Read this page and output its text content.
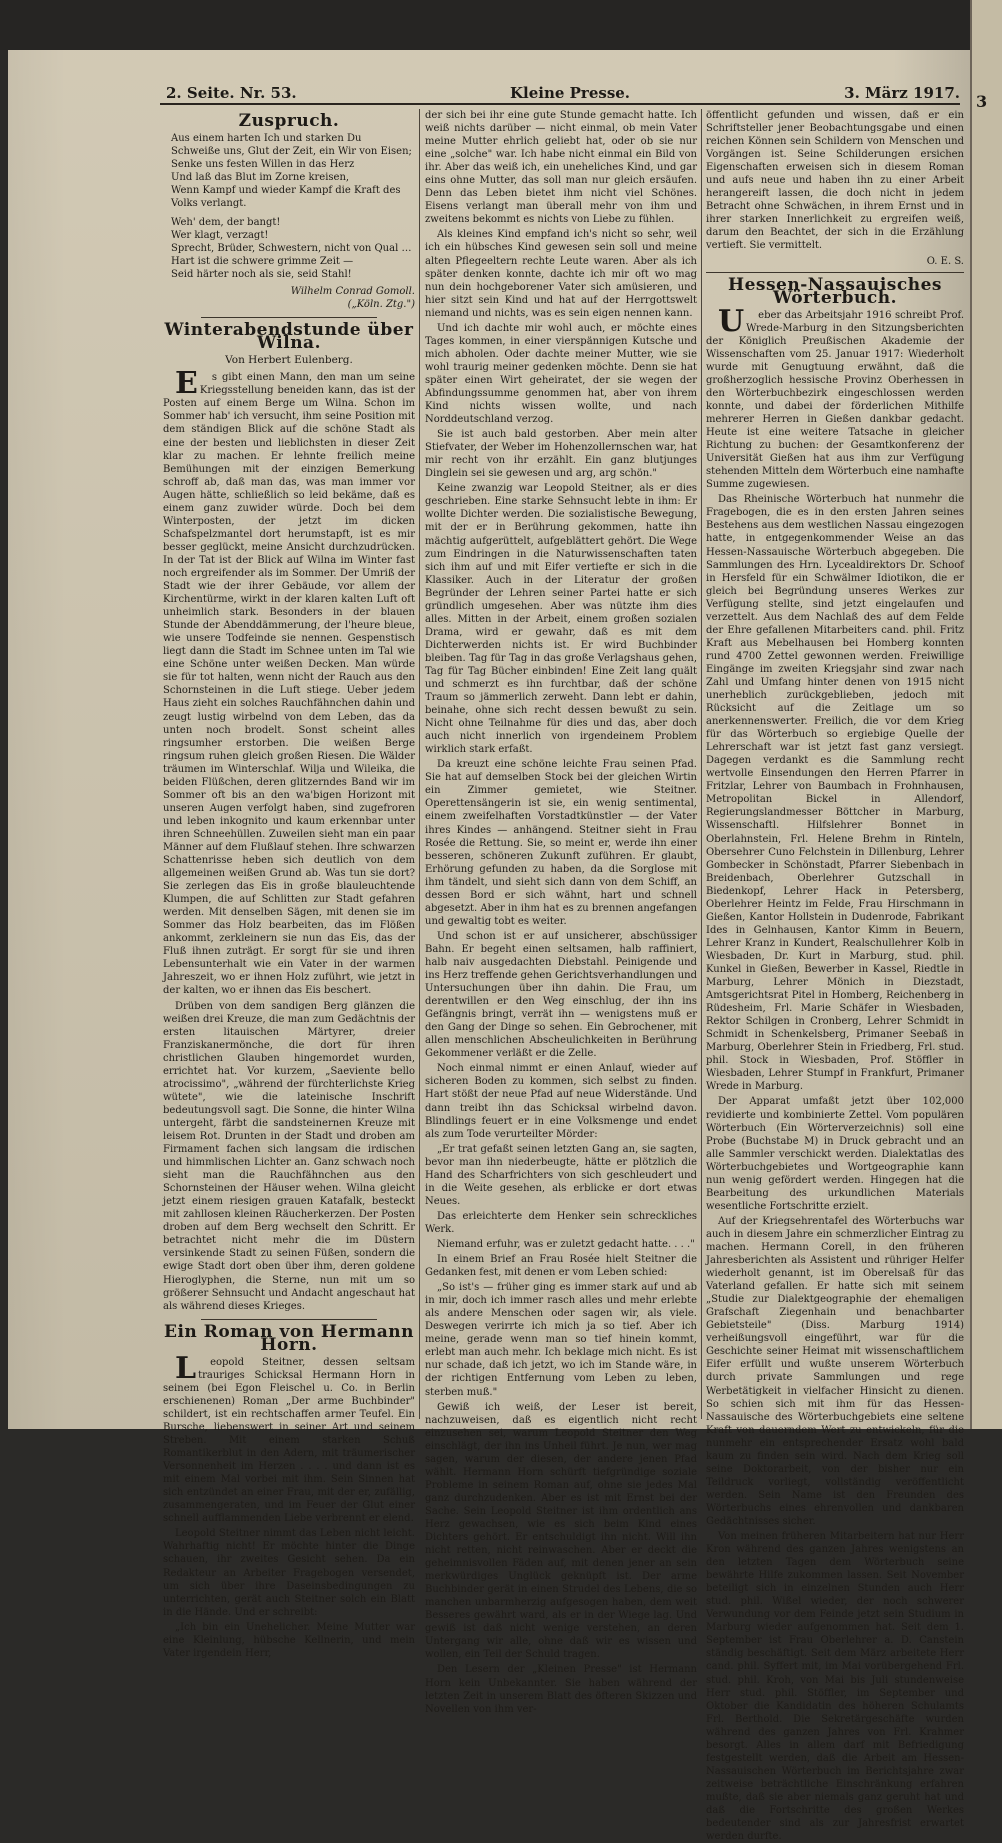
3
2. Seite. Nr. 53.	Kleine Presse.	3. März 1917.
Zuspruch.

Aus einem harten Ich und starken Du

Schweiße uns, Glut der Zeit, ein Wir von Eisen;

Senke uns festen Willen in das Herz

Und laß das Blut im Zorne kreisen,

Wenn Kampf und wieder Kampf die Kraft des Volks verlangt.

Weh' dem, der bangt!

Wer klagt, verzagt!

Sprecht, Brüder, Schwestern, nicht von Qual …

Hart ist die schwere grimme Zeit —

Seid härter noch als sie, seid Stahl!

Wilhelm Conrad Gomoll.
(„Köln. Ztg.")
Winterabendstunde über Wilna.
Von Herbert Eulenberg.

Es gibt einen Mann, den man um seine Kriegsstellung beneiden kann, das ist der Posten auf einem Berge um Wilna. Schon im Sommer hab' ich versucht, ihm seine Position mit dem ständigen Blick auf die schöne Stadt als eine der besten und lieblichsten in dieser Zeit klar zu machen. Er lehnte freilich meine Bemühungen mit der einzigen Bemerkung schroff ab, daß man das, was man immer vor Augen hätte, schließlich so leid bekäme, daß es einem ganz zuwider würde. Doch bei dem Winterposten, der jetzt im dicken Schafspelzmantel dort herumstapft, ist es mir besser geglückt, meine Ansicht durchzudrücken. In der Tat ist der Blick auf Wilna im Winter fast noch ergreifender als im Sommer. Der Umriß der Stadt wie der ihrer Gebäude, vor allem der Kirchentürme, wirkt in der klaren kalten Luft oft unheimlich stark. Besonders in der blauen Stunde der Abenddämmerung, der l'heure bleue, wie unsere Todfeinde sie nennen. Gespenstisch liegt dann die Stadt im Schnee unten im Tal wie eine Schöne unter weißen Decken. Man würde sie für tot halten, wenn nicht der Rauch aus den Schornsteinen in die Luft stiege. Ueber jedem Haus zieht ein solches Rauchfähnchen dahin und zeugt lustig wirbelnd von dem Leben, das da unten noch brodelt. Sonst scheint alles ringsumher erstorben. Die weißen Berge ringsum ruhen gleich großen Riesen. Die Wälder träumen im Winterschlaf. Wilja und Wileika, die beiden Flüßchen, deren glitzerndes Band wir im Sommer oft bis an den wa'bigen Horizont mit unseren Augen verfolgt haben, sind zugefroren und leben inkognito und kaum erkennbar unter ihren Schneehüllen. Zuweilen sieht man ein paar Männer auf dem Flußlauf stehen. Ihre schwarzen Schattenrisse heben sich deutlich von dem allgemeinen weißen Grund ab. Was tun sie dort? Sie zerlegen das Eis in große blauleuchtende Klumpen, die auf Schlitten zur Stadt gefahren werden. Mit denselben Sägen, mit denen sie im Sommer das Holz bearbeiten, das im Flößen ankommt, zerkleinern sie nun das Eis, das der Fluß ihnen zuträgt. Er sorgt für sie und ihren Lebensunterhalt wie ein Vater in der warmen Jahreszeit, wo er ihnen Holz zuführt, wie jetzt in der kalten, wo er ihnen das Eis beschert.

Drüben von dem sandigen Berg glänzen die weißen drei Kreuze, die man zum Gedächtnis der ersten litauischen Märtyrer, dreier Franziskanermönche, die dort für ihren christlichen Glauben hingemordet wurden, errichtet hat. Vor kurzem, „Saeviente bello atrocissimo", „während der fürchterlichste Krieg wütete", wie die lateinische Inschrift bedeutungsvoll sagt. Die Sonne, die hinter Wilna untergeht, färbt die sandsteinernen Kreuze mit leisem Rot. Drunten in der Stadt und droben am Firmament fachen sich langsam die irdischen und himmlischen Lichter an. Ganz schwach noch sieht man die Rauchfähnchen aus den Schornsteinen der Häuser wehen. Wilna gleicht jetzt einem riesigen grauen Katafalk, besteckt mit zahllosen kleinen Räucherkerzen. Der Posten droben auf dem Berg wechselt den Schritt. Er betrachtet nicht mehr die im Düstern versinkende Stadt zu seinen Füßen, sondern die ewige Stadt dort oben über ihm, deren goldene Hieroglyphen, die Sterne, nun mit um so größerer Sehnsucht und Andacht angeschaut hat als während dieses Krieges.

Ein Roman von Hermann Horn.

Leopold Steitner, dessen seltsam trauriges Schicksal Hermann Horn in seinem (bei Egon Fleischel u. Co. in Berlin erschienenen) Roman „Der arme Buchbinder" schildert, ist ein rechtschaffen armer Teufel. Ein Bursche, liebenswert in seiner Art und seinem Streben. Mit einem starken Schuß Romantikerblut in den Adern, mit träumerischer Versonnenheit im Herzen . . . . und dann ist es mit einem Mal vorbei mit ihm. Sein Sinnen hat sich entzündet an einer Frau, mit der er, zufällig, zusammengeraten, und im Feuer der Glut einer schnell aufflammenden Liebe verbrennt er elend.

Leopold Steitner nimmt das Leben nicht leicht. Wahrhaftig nicht! Er möchte hinter die Dinge schauen, ihr zweites Gesicht sehen. Da ein Redakteur an Arbeiter Fragebogen versendet, um sich über ihre Daseinsbedingungen zu unterrichten, gerät auch Steitner solch ein Blatt in die Hände. Und er schreibt:

„Ich bin ein Unehelicher. Meine Mutter war eine Kleinlung, hübsche Kellnerin, und mein Vater irgendein Herr,

der sich bei ihr eine gute Stunde gemacht hatte. Ich weiß nichts darüber — nicht einmal, ob mein Vater meine Mutter ehrlich geliebt hat, oder ob sie nur eine „solche" war. Ich habe nicht einmal ein Bild von ihr. Aber das weiß ich, ein uneheliches Kind, und gar eins ohne Mutter, das soll man nur gleich ersäufen. Denn das Leben bietet ihm nicht viel Schönes. Eisens verlangt man überall mehr von ihm und zweitens bekommt es nichts von Liebe zu fühlen.

Als kleines Kind empfand ich's nicht so sehr, weil ich ein hübsches Kind gewesen sein soll und meine alten Pflegeeltern rechte Leute waren. Aber als ich später denken konnte, dachte ich mir oft wo mag nun dein hochgeborener Vater sich amüsieren, und hier sitzt sein Kind und hat auf der Herrgottswelt niemand und nichts, was es sein eigen nennen kann.

Und ich dachte mir wohl auch, er möchte eines Tages kommen, in einer vierspännigen Kutsche und mich abholen. Oder dachte meiner Mutter, wie sie wohl traurig meiner gedenken möchte. Denn sie hat später einen Wirt geheiratet, der sie wegen der Abfindungssumme genommen hat, aber von ihrem Kind nichts wissen wollte, und nach Norddeutschland verzog.

Sie ist auch bald gestorben. Aber mein alter Stiefvater, der Weber im Hohenzollernschen war, hat mir recht von ihr erzählt. Ein ganz blutjunges Dinglein sei sie gewesen und arg, arg schön."

Keine zwanzig war Leopold Steitner, als er dies geschrieben. Eine starke Sehnsucht lebte in ihm: Er wollte Dichter werden. Die sozialistische Bewegung, mit der er in Berührung gekommen, hatte ihn mächtig aufgerüttelt, aufgeblättert gehört. Die Wege zum Eindringen in die Naturwissenschaften taten sich ihm auf und mit Eifer vertiefte er sich in die Klassiker. Auch in der Literatur der großen Begründer der Lehren seiner Partei hatte er sich gründlich umgesehen. Aber was nützte ihm dies alles. Mitten in der Arbeit, einem großen sozialen Drama, wird er gewahr, daß es mit dem Dichterwerden nichts ist. Er wird Buchbinder bleiben. Tag für Tag in das große Verlagshaus gehen, Tag für Tag Bücher einbinden! Eine Zeit lang quält und schmerzt es ihn furchtbar, daß der schöne Traum so jämmerlich zerweht. Dann lebt er dahin, beinahe, ohne sich recht dessen bewußt zu sein. Nicht ohne Teilnahme für dies und das, aber doch auch nicht innerlich von irgendeinem Problem wirklich stark erfaßt.

Da kreuzt eine schöne leichte Frau seinen Pfad. Sie hat auf demselben Stock bei der gleichen Wirtin ein Zimmer gemietet, wie Steitner. Operettensängerin ist sie, ein wenig sentimental, einem zweifelhaften Vorstadtkünstler — der Vater ihres Kindes — anhängend. Steitner sieht in Frau Rosée die Rettung. Sie, so meint er, werde ihn einer besseren, schöneren Zukunft zuführen. Er glaubt, Erhörung gefunden zu haben, da die Sorglose mit ihm tändelt, und sieht sich dann von dem Schiff, an dessen Bord er sich wähnt, hart und schnell abgesetzt. Aber in ihm hat es zu brennen angefangen und gewaltig tobt es weiter.

Und schon ist er auf unsicherer, abschüssiger Bahn. Er begeht einen seltsamen, halb raffiniert, halb naiv ausgedachten Diebstahl. Peinigende und ins Herz treffende gehen Gerichtsverhandlungen und Untersuchungen über ihn dahin. Die Frau, um derentwillen er den Weg einschlug, der ihn ins Gefängnis bringt, verrät ihn — wenigstens muß er den Gang der Dinge so sehen. Ein Gebrochener, mit allen menschlichen Abscheulichkeiten in Berührung Gekommener verläßt er die Zelle.

Noch einmal nimmt er einen Anlauf, wieder auf sicheren Boden zu kommen, sich selbst zu finden. Hart stößt der neue Pfad auf neue Widerstände. Und dann treibt ihn das Schicksal wirbelnd davon. Blindlings feuert er in eine Volksmenge und endet als zum Tode verurteilter Mörder:

„Er trat gefaßt seinen letzten Gang an, sie sagten, bevor man ihn niederbeugte, hätte er plötzlich die Hand des Scharfrichters von sich geschleudert und in die Weite gesehen, als erblicke er dort etwas Neues.

Das erleichterte dem Henker sein schreckliches Werk.

Niemand erfuhr, was er zuletzt gedacht hatte. . . ."

In einem Brief an Frau Rosée hielt Steitner die Gedanken fest, mit denen er vom Leben schied:

„So ist's — früher ging es immer stark auf und ab in mir, doch ich immer rasch alles und mehr erlebte als andere Menschen oder sagen wir, als viele. Deswegen verirrte ich mich ja so tief. Aber ich meine, gerade wenn man so tief hinein kommt, erlebt man auch mehr. Ich beklage mich nicht. Es ist nur schade, daß ich jetzt, wo ich im Stande wäre, in der richtigen Entfernung vom Leben zu leben, sterben muß."

Gewiß ich weiß, der Leser ist bereit, nachzuweisen, daß es eigentlich nicht recht einzusehen sei, warum Leopold Steitner den Weg einschlägt, der ihn ins Unheil führt. Je nun, wer mag sagen, warum der diesen, der andere jenen Pfad wählt. Hermann Horn schürft tiefgründige soziale Probleme in seinem Roman auf, ohne sie jedes Mal ganz durchzudenken. Aber es ist mit Ernst bei der Sache. Sein Leopold Steitner ist ihm ordentlich ans Herz gewachsen, wie es sich beim Kind eines Dichters gehört. Er entschuldigt ihn nicht. Will ihn nicht retten, nicht reinwaschen. Aber er deckt die geheimnisvollen Fäden auf, mit denen jener an sein merkwürdiges Unglück geknüpft ist. Der arme Buchbinder gerät in einen Strudel des Lebens, die so manchen unbarmherzig aufgesogen haben, dem weit Besseres gewährt ward, als er in der Wiege lag. Und gewiß ist daß nicht wenige verstehen, an deren Untergang wir alle, ohne daß wir es wissen und wollen, ein Teil der Schuld tragen.

Den Lesern der „Kleinen Presse" ist Hermann Horn kein Unbekannter. Sie haben während der letzten Zeit in unserem Blatt des öfteren Skizzen und Novellen von ihm ver-

öffentlicht gefunden und wissen, daß er ein Schriftsteller jener Beobachtungsgabe und einen reichen Können sein Schildern von Menschen und Vorgängen ist. Seine Schilderungen ersichen Eigenschaften erweisen sich in diesem Roman und aufs neue und haben ihn zu einer Arbeit herangereift lassen, die doch nicht in jedem Betracht ohne Schwächen, in ihrem Ernst und in ihrer starken Innerlichkeit zu ergreifen weiß, darum den Beachtet, der sich in die Erzählung vertieft. Sie vermittelt.

O. E. S.
Hessen-Nassauisches Wörterbuch.

Ueber das Arbeitsjahr 1916 schreibt Prof. Wrede-Marburg in den Sitzungsberichten der Königlich Preußischen Akademie der Wissenschaften vom 25. Januar 1917: Wiederholt wurde mit Genugtuung erwähnt, daß die großherzoglich hessische Provinz Oberhessen in den Wörterbuchbezirk eingeschlossen werden konnte, und dabei der förderlichen Mithilfe mehrerer Herren in Gießen dankbar gedacht. Heute ist eine weitere Tatsache in gleicher Richtung zu buchen: der Gesamtkonferenz der Universität Gießen hat aus ihm zur Verfügung stehenden Mitteln dem Wörterbuch eine namhafte Summe zugewiesen.

Das Rheinische Wörterbuch hat nunmehr die Fragebogen, die es in den ersten Jahren seines Bestehens aus dem westlichen Nassau eingezogen hatte, in entgegenkommender Weise an das Hessen-Nassauische Wörterbuch abgegeben. Die Sammlungen des Hrn. Lycealdirektors Dr. Schoof in Hersfeld für ein Schwälmer Idiotikon, die er gleich bei Begründung unseres Werkes zur Verfügung stellte, sind jetzt eingelaufen und verzettelt. Aus dem Nachlaß des auf dem Felde der Ehre gefallenen Mitarbeiters cand. phil. Fritz Kraft aus Mebelhausen bei Homberg konnten rund 4700 Zettel gewonnen werden. Freiwillige Eingänge im zweiten Kriegsjahr sind zwar nach Zahl und Umfang hinter denen von 1915 nicht unerheblich zurückgeblieben, jedoch mit Rücksicht auf die Zeitlage um so anerkennenswerter. Freilich, die vor dem Krieg für das Wörterbuch so ergiebige Quelle der Lehrerschaft war ist jetzt fast ganz versiegt. Dagegen verdankt es die Sammlung recht wertvolle Einsendungen den Herren Pfarrer in Fritzlar, Lehrer von Baumbach in Frohnhausen, Metropolitan Bickel in Allendorf, Regierungslandmesser Böttcher in Marburg, Wissenschaftl. Hilfslehrer Bonnet in Oberlahnstein, Frl. Helene Brehm in Rinteln, Obersehrer Cuno Felchstein in Dillenburg, Lehrer Gombecker in Schönstadt, Pfarrer Siebenbach in Breidenbach, Oberlehrer Gutzschall in Biedenkopf, Lehrer Hack in Petersberg, Oberlehrer Heintz im Felde, Frau Hirschmann in Gießen, Kantor Hollstein in Dudenrode, Fabrikant Ides in Gelnhausen, Kantor Kimm in Beuern, Lehrer Kranz in Kundert, Realschullehrer Kolb in Wiesbaden, Dr. Kurt in Marburg, stud. phil. Kunkel in Gießen, Bewerber in Kassel, Riedtle in Marburg, Lehrer Mönich in Diezstadt, Amtsgerichtsrat Pitel in Homberg, Reichenberg in Rüdesheim, Frl. Marie Schäfer in Wiesbaden, Rektor Schilgen in Cronberg, Lehrer Schmidt in Schmidt in Schenkelsberg, Primaner Seebaß in Marburg, Oberlehrer Stein in Friedberg, Frl. stud. phil. Stock in Wiesbaden, Prof. Stöffler in Wiesbaden, Lehrer Stumpf in Frankfurt, Primaner Wrede in Marburg.

Der Apparat umfaßt jetzt über 102,000 revidierte und kombinierte Zettel. Vom populären Wörterbuch (Ein Wörterverzeichnis) soll eine Probe (Buchstabe M) in Druck gebracht und an alle Sammler verschickt werden. Dialektatlas des Wörterbuchgebietes und Wortgeographie kann nun wenig gefördert werden. Hingegen hat die Bearbeitung des urkundlichen Materials wesentliche Fortschritte erzielt.

Auf der Kriegsehrentafel des Wörterbuchs war auch in diesem Jahre ein schmerzlicher Eintrag zu machen. Hermann Corell, in den früheren Jahresberichten als Assistent und rühriger Helfer wiederholt genannt, ist im Oberelsaß für das Vaterland gefallen. Er hatte sich mit seinem „Studie zur Dialektgeographie der ehemaligen Grafschaft Ziegenhain und benachbarter Gebietsteile" (Diss. Marburg 1914) verheißungsvoll eingeführt, war für die Geschichte seiner Heimat mit wissenschaftlichem Eifer erfüllt und wußte unserem Wörterbuch durch private Sammlungen und rege Werbetätigkeit in vielfacher Hinsicht zu dienen. So schien sich mit ihm für das Hessen-Nassauische des Wörterbuchgebiets eine seltene Kraft von dauerndem Wert zu entwickeln, für die nunmehr ein entsprechender Ersatz wohl bald kaum zu finden sein wird. Nach dem Krieg soll seine Doktorarbeit, von der bisher nur ein Teildruck vorliegt, vollständig veröffentlicht werden. Sein Name ist den Freunden des Wörterbuchs eines ehrenvollen und dankbaren Gedächtnisses sicher.

Von meinen früheren Mitarbeitern hat nur Herr Kron während des ganzen Jahres wenigstens an den letzten Tagen dem Wörterbuch seine bewährte Hilfe zukommen lassen. Seit November beteiligt sich in einzelnen Stunden auch Herr stud. phil. Wißel wieder, der noch schwerer Verwundung vor dem Feinde jetzt sein Studium in Marburg wieder aufgenommen hat. Seit dem 1. September ist Frau Oberlehrer a. D. Canstein ständig beschäftigt. Seit dem März arbeitete Herr cand. phil. Syffert mit, im Mai vorübergehend Frl. stud. phil. Kroh, von Mai bis Juli stundenweise Herr stud. phil. Stöffler, im September und Oktober die Kandidatin des höheren Schulamts Frl. Berthold. Die Sekretärgeschäfte wurden während des ganzen Jahres von Frl. Krahmer besorgt. Alles in allem darf mit Befriedigung festgestellt werden, daß die Arbeit am Hessen-Nassauischen Wörterbuch im Berichtsjahre zwar zeitweise beträchtliche Einschränkung erfahren mußte, daß sie aber niemals ganz geruht hat und daß die Fortschritte des großen Werkes bedeutender sind als zur Jahresfrist erwartet werden durfte.
